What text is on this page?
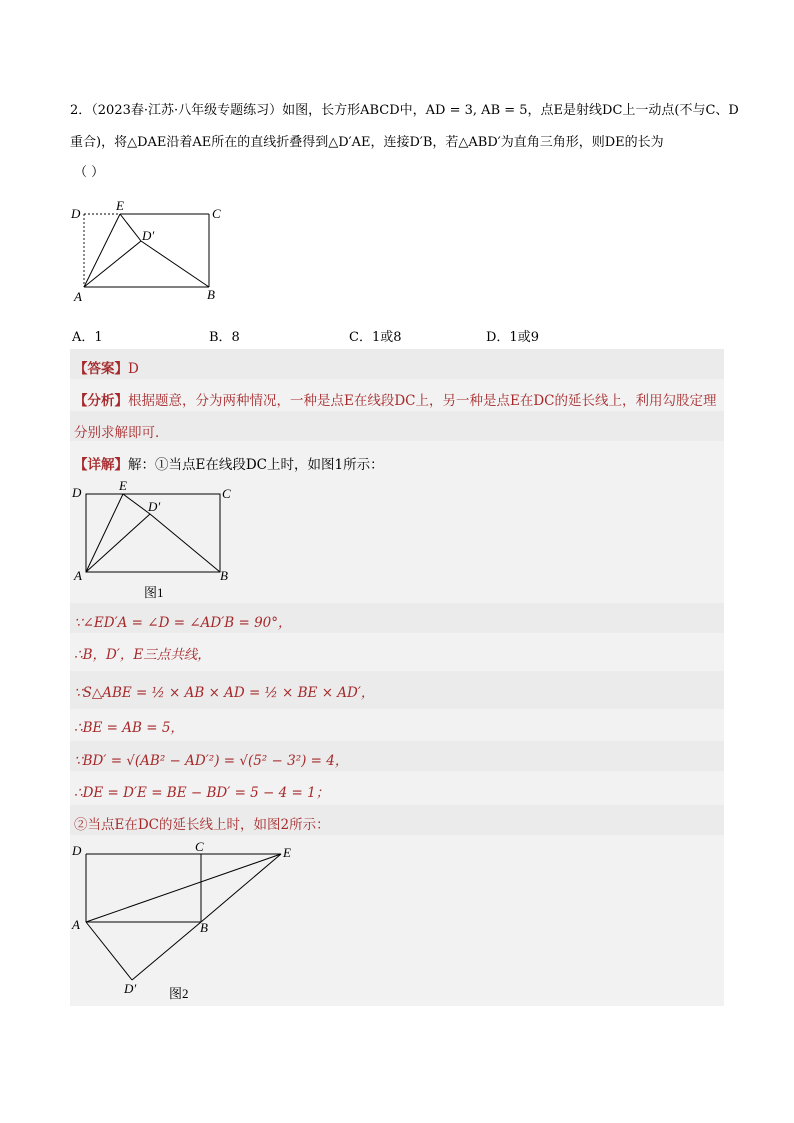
2．（2023春·江苏·八年级专题练习）如图，长方形ABCD中，AD = 3, AB = 5，点E是射线DC上一动点(不与C、D
重合)，将△DAE沿着AE所在的直线折叠得到△D′AE，连接D′B，若△ABD′为直角三角形，则DE的长为
（ ）
D
E
C
D′
A	B
A．1	B．8	C．1或8	D．1或9
【答案】D
【分析】根据题意，分为两种情况，一种是点E在线段DC上，另一种是点E在DC的延长线上，利用勾股定理
分别求解即可．
【详解】解：①当点E在线段DC上时，如图1所示：
D	E
C
D′
A	B
图1
∵∠ED′A = ∠D = ∠AD′B = 90°，
∴B，D′，E三点共线，
∵S△ABE = ½ × AB × AD = ½ × BE × AD′，
∴BE = AB = 5，
∵BD′ = √(AB² − AD′²) = √(5² − 3²) = 4，
∴DE = D′E = BE − BD′ = 5 − 4 = 1；
②当点E在DC的延长线上时，如图2所示：
D	C	E
A	B
D′	图2
